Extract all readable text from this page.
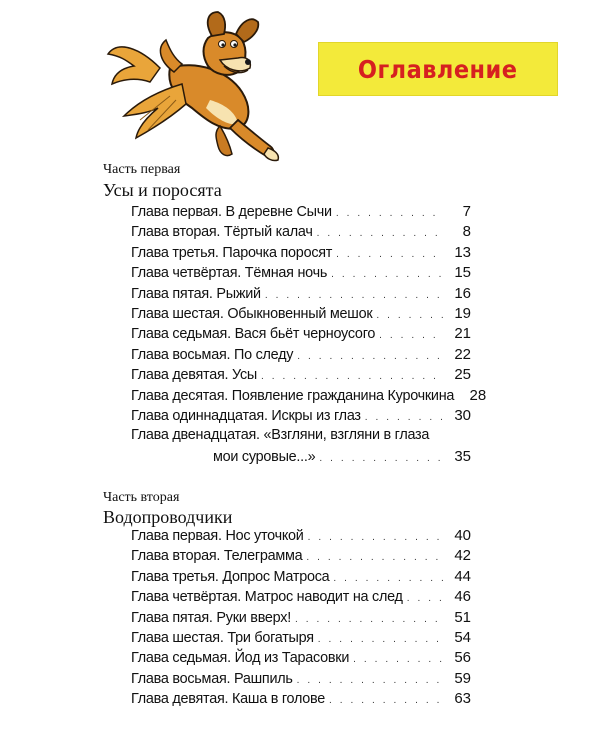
Оглавление
Часть первая
Усы и поросята
Глава первая. В деревне Сычи . . .	7
Глава вторая. Тёртый калач . . .	8
Глава третья. Парочка поросят . . .	13
Глава четвёртая. Тёмная ночь . . .	15
Глава пятая. Рыжий . . .	16
Глава шестая. Обыкновенный мешок . . .	19
Глава седьмая. Вася бьёт черноусого . . .	21
Глава восьмая. По следу . . .	22
Глава девятая. Усы . . .	25
Глава десятая. Появление гражданина Курочкина	28
Глава одиннадцатая. Искры из глаз . . .	30
Глава двенадцатая. «Взгляни, взгляни в глаза
мои суровые...» . . .	35
Часть вторая
Водопроводчики
Глава первая. Нос уточкой . . .	40
Глава вторая. Телеграмма . . .	42
Глава третья. Допрос Матроса . . .	44
Глава четвёртая. Матрос наводит на след . . .	46
Глава пятая. Руки вверх! . . .	51
Глава шестая. Три богатыря . . .	54
Глава седьмая. Йод из Тарасовки . . .	56
Глава восьмая. Рашпиль . . .	59
Глава девятая. Каша в голове . . .	63
